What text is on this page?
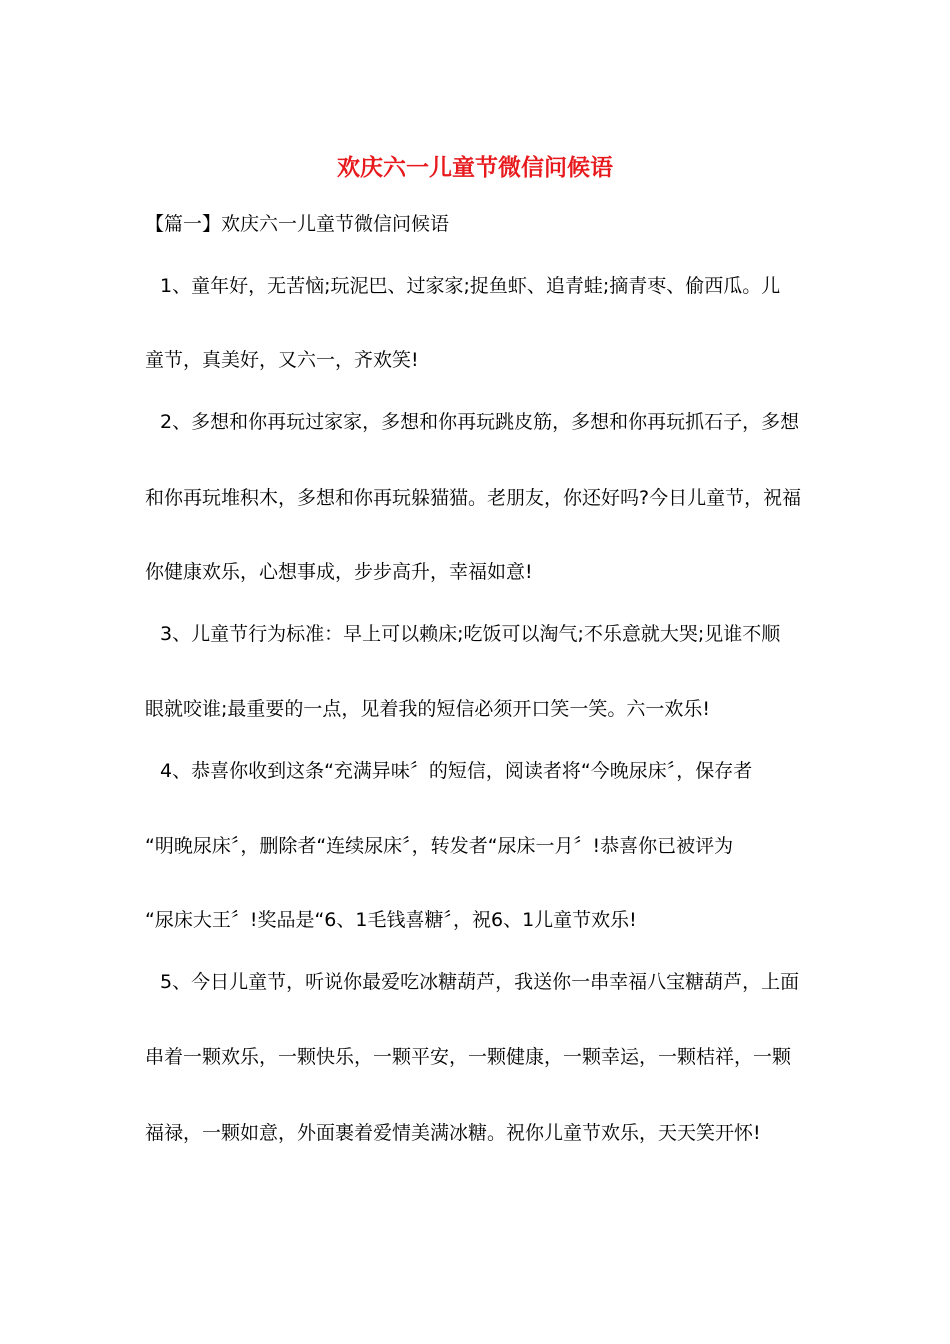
欢庆六一儿童节微信问候语
【篇一】欢庆六一儿童节微信问候语
1、童年好，无苦恼;玩泥巴、过家家;捉鱼虾、追青蛙;摘青枣、偷西瓜。儿
童节，真美好，又六一，齐欢笑!
2、多想和你再玩过家家，多想和你再玩跳皮筋，多想和你再玩抓石子，多想
和你再玩堆积木，多想和你再玩躲猫猫。老朋友，你还好吗?今日儿童节，祝福
你健康欢乐，心想事成，步步高升，幸福如意!
3、儿童节行为标准：早上可以赖床;吃饭可以淘气;不乐意就大哭;见谁不顺
眼就咬谁;最重要的一点，见着我的短信必须开口笑一笑。六一欢乐!
4、恭喜你收到这条“充满异味〞的短信，阅读者将“今晚尿床〞，保存者
“明晚尿床〞，删除者“连续尿床〞，转发者“尿床一月〞!恭喜你已被评为
“尿床大王〞!奖品是“6、1毛钱喜糖〞，祝6、1儿童节欢乐!
5、今日儿童节，听说你最爱吃冰糖葫芦，我送你一串幸福八宝糖葫芦，上面
串着一颗欢乐，一颗快乐，一颗平安，一颗健康，一颗幸运，一颗桔祥，一颗
福禄，一颗如意，外面裹着爱情美满冰糖。祝你儿童节欢乐，天天笑开怀!
